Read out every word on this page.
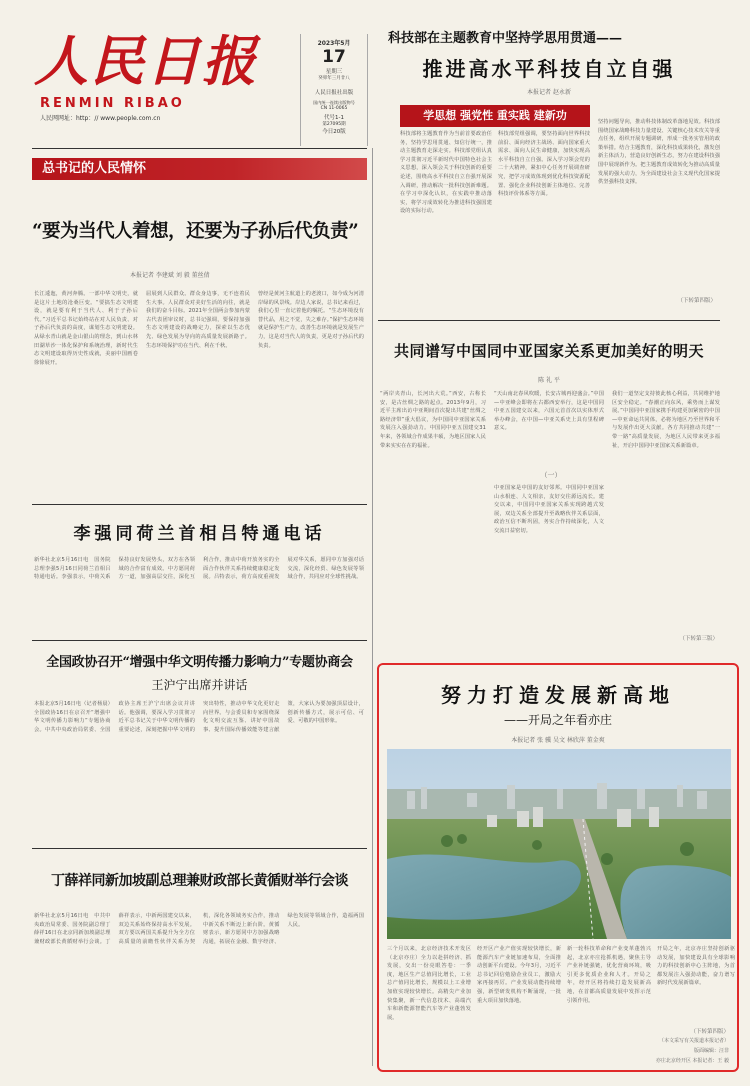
人民日报
RENMIN RIBAO
人民网网址：http：// www.people.com.cn
2023年5月
17
星期三
癸卯年三月廿八
人民日报社出版
国内统一连续出版物号
CN 11-0065
代号1-1
第27095期
今日20版
科技部在主题教育中坚持学思用贯通——
推进高水平科技自立自强
本报记者 赵永新
学思想 强党性 重实践 建新功
科技部将主题教育作为当前首要政治任务，坚持学思用贯通、知信行统一，推动主题教育走深走实。科技部党组认真学习贯彻习近平新时代中国特色社会主义思想，深入领会关于科技创新的重要论述，围绕高水平科技自立自强开展深入调研，推动解决一批科技创新难题。在学习中深化认识，在实践中推动落实，将学习成效转化为推进科技强国建设的实际行动。
科技部党组强调，要坚持面向世界科技前沿、面向经济主战场、面向国家重大需求、面向人民生命健康，加快实现高水平科技自立自强。深入学习领会党的二十大精神，紧扣中心任务开展调查研究，把学习成效体现到优化科技资源配置、强化企业科技创新主体地位、完善科技评价体系等方面。
坚持问题导向，推动科技体制改革落地见效。科技部围绕国家战略科技力量建设、关键核心技术攻关等重点任务，组织开展专题调研，形成一批务实管用的政策举措。结合主题教育，深化科技成果转化，激发创新主体活力，营造良好创新生态，努力在建设科技强国中展现新作为。把主题教育成效转化为推动高质量发展的强大动力，为全面建设社会主义现代化国家提供坚强科技支撑。
（下转第四版）
总书记的人民情怀
“要为当代人着想，还要为子孙后代负责”
本报记者 李建斌 刘 毅 董丝倩
长江逶迤，黄河奔腾。一部中华文明史，就是这片土地的沧桑巨变。“要搞生态文明建设，就是要有利于当代人、利于子孙后代。”习近平总书记始终站在对人民负责、对子孙后代负责的高度，谋划生态文明建设。从绿水青山就是金山银山的理念，到山水林田湖草沙一体化保护和系统治理，新时代生态文明建设取得历史性成就，美丽中国画卷徐徐展开。
屈展到人民群众。群众身边事，无不连着民生大事。人民群众对美好生活的向往，就是我们的奋斗目标。2021年全国两会参加内蒙古代表团审议时，总书记强调，要保持加强生态文明建设的战略定力，探索以生态优先、绿色发展为导向的高质量发展新路子。生态环境保护功在当代、利在千秋。
曾经是黄河主航道上的老渡口，如今成为河清岸绿的风景线。岸边人家说，总书记来看过，我们心里一直记着他的嘱托。“生态环境没有替代品，用之不觉，失之难存。”保护生态环境就是保护生产力，改善生态环境就是发展生产力，这是对当代人的负责，更是对子孙后代的负责。	共同谱写中国同中亚国家关系更加美好的明天
陈 礼 平
“两岸夹青山，长河出大荒。”西安，古称长安，是古丝绸之路的起点。2013年9月，习近平主席出访中亚期间首次提出共建“丝绸之路经济带”重大倡议，为中国同中亚国家关系发展注入强劲动力。中国同中亚五国建交31年来，各领域合作成果丰硕，为地区国家人民带来实实在在的福祉。
（一）
“天山南北春风吹暖，长安古城再迎盛会。”中国—中亚峰会即将在古都西安举行，这是中国同中亚五国建交以来，六国元首首次以实体形式举办峰会，在中国—中亚关系史上具有里程碑意义。
中亚国家是中国的友好邻邦。中国同中亚国家山水相连、人文相亲，友好交往源远流长。建交以来，中国同中亚国家关系实现跨越式发展，双边关系全部提升至战略伙伴关系层面，政治互信不断巩固，务实合作持续深化，人文交流日益密切。
我们一道坚定支持彼此核心利益，共同维护地区安全稳定。“春潮正向东风，乘势而上谋发展。”中国同中亚国家携手构建更加紧密的中国—中亚命运共同体，必将为地区乃至世界和平与发展作出更大贡献。各方共同推动共建“一带一路”高质量发展，为地区人民带来更多福祉，开启中国同中亚国家关系新篇章。
（下转第三版）
李强同荷兰首相吕特通电话
新华社北京5月16日电　国务院总理李强5月16日同荷兰首相吕特通电话。李强表示，中荷关系保持良好发展势头，双方在各领域的合作富有成效。中方愿同荷方一道，加强高层交往，深化互利合作，推动中荷开放务实的全面合作伙伴关系持续健康稳定发展。吕特表示，荷方高度重视发展对华关系，愿同中方加强对话交流，深化经贸、绿色发展等领域合作，共同应对全球性挑战。
全国政协召开“增强中华文明传播力影响力”专题协商会
王沪宁出席并讲话
本报北京5月16日电（记者杨晨）　全国政协16日在京召开“增强中华文明传播力影响力”专题协商会。中共中央政治局常委、全国政协主席王沪宁出席会议并讲话。他强调，要深入学习贯彻习近平总书记关于中华文明传播的重要论述，深刻把握中华文明的突出特性，推动中华文化更好走向世界。与会委员和专家围绕深化文明交流互鉴、讲好中国故事、提升国际传播效能等建言献策，大家认为要加强顶层设计，创新传播方式，展示可信、可爱、可敬的中国形象。
丁薛祥同新加坡副总理兼财政部长黄循财举行会谈
新华社北京5月16日电　中共中央政治局常委、国务院副总理丁薛祥16日在北京同新加坡副总理兼财政部长黄循财举行会谈。丁薛祥表示，中新两国建交以来，双边关系始终保持高水平发展。双方要以两国关系提升为全方位高质量的前瞻性伙伴关系为契机，深化各领域务实合作，推动中新关系不断迈上新台阶。黄循财表示，新方愿同中方加强战略沟通，拓展在金融、数字经济、绿色发展等领域合作，造福两国人民。
努力打造发展新高地
——开局之年看亦庄
本报记者 张 骥 吴文 林欣萍 董金爽
三个月以来，北京经济技术开发区（北京亦庄）全力以赴拼经济、抓发展，交出一份亮眼答卷：一季度，地区生产总值同比增长，工业总产值同比增长，规模以上工业增加值实现较快增长。高精尖产业加快集聚，新一代信息技术、高端汽车和新能源智能汽车等产业蓬勃发展。
经开区产业产值实现较快增长，新能源汽车产业链加速布局，全面推动创新平台建设。今年3月，习近平总书记回信勉励企业员工，激励大家再接再厉。产业发展动能持续增强，新型研发机构不断涌现，一批重大项目加快落地。
新一轮科技革命和产业变革蓬勃兴起，北京亦庄抢抓机遇，聚焦主导产业补链强链，优化营商环境，吸引更多优质企业和人才。开局之年，经开区将持续打造发展新高地，在首都高质量发展中发挥示范引领作用。
开局之年，北京亦庄坚持创新驱动发展，加快建设具有全球影响力的科技创新中心主阵地，为首都发展注入强劲动能，奋力谱写新时代发展新篇章。
（下转第四版）
（本文采写有关报道本报记者）
版面编辑：汪非
亦庄北京经开区 本报记者：王 毅
